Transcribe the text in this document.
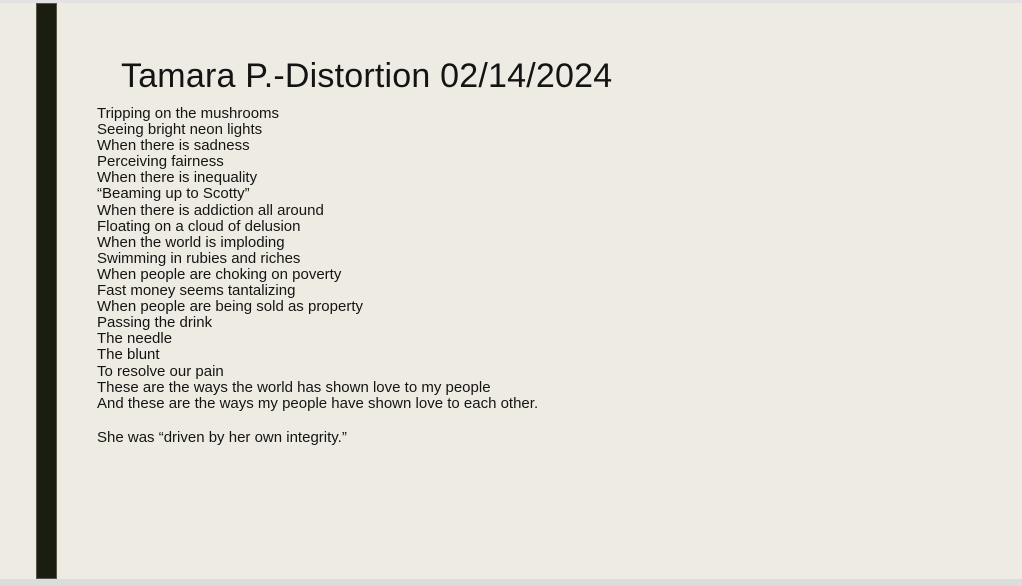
Tamara P.-Distortion 02/14/2024
Tripping on the mushrooms
Seeing bright neon lights
When there is sadness
Perceiving fairness
When there is inequality
“Beaming up to Scotty”
When there is addiction all around
Floating on a cloud of delusion
When the world is imploding
Swimming in rubies and riches
When people are choking on poverty
Fast money seems tantalizing
When people are being sold as property
Passing the drink
The needle
The blunt
To resolve our pain
These are the ways the world has shown love to my people
And these are the ways my people have shown love to each other.
She was “driven by her own integrity.”
